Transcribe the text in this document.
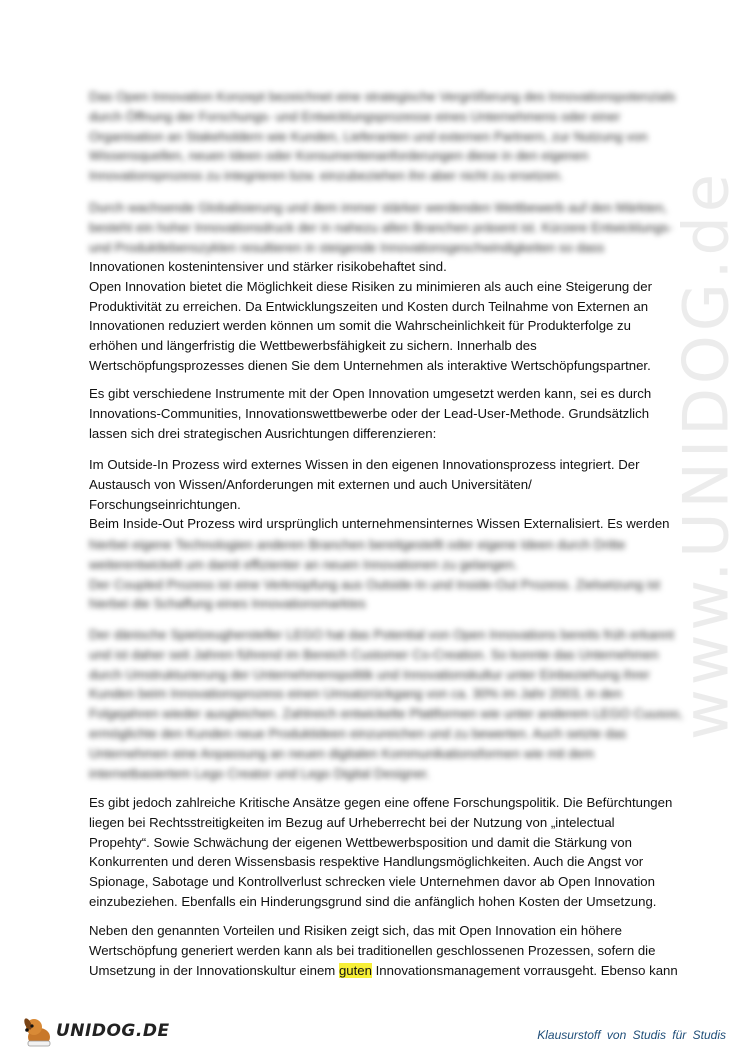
www.UNIDOG.de
Das Open Innovation Konzept bezeichnet eine strategische Vergrößerung des Innovationspotenzials
durch Öffnung der Forschungs- und Entwicklungsprozesse eines Unternehmens oder einer
Organisation an Stakeholdern wie Kunden, Lieferanten und externen Partnern, zur Nutzung von
Wissensquellen, neuen Ideen oder Konsumentenanforderungen diese in den eigenen
Innovationsprozess zu integrieren bzw. einzubeziehen ihn aber nicht zu ersetzen.
Durch wachsende Globalisierung und dem immer stärker werdenden Wettbewerb auf den Märkten,
besteht ein hoher Innovationsdruck der in nahezu allen Branchen präsent ist. Kürzere Entwicklungs-
und Produktlebenszyklen resultieren in steigende Innovationsgeschwindigkeiten so dass
Innovationen kostenintensiver und stärker risikobehaftet sind.
Open Innovation bietet die Möglichkeit diese Risiken zu minimieren als auch eine Steigerung der
Produktivität zu erreichen. Da Entwicklungszeiten und Kosten durch Teilnahme von Externen an
Innovationen reduziert werden können um somit die Wahrscheinlichkeit für Produkterfolge zu
erhöhen und längerfristig die Wettbewerbsfähigkeit zu sichern. Innerhalb des
Wertschöpfungsprozesses dienen Sie dem Unternehmen als interaktive Wertschöpfungspartner.
Es gibt verschiedene Instrumente mit der Open Innovation umgesetzt werden kann, sei es durch
Innovations-Communities, Innovationswettbewerbe oder der Lead-User-Methode. Grundsätzlich
lassen sich drei strategischen Ausrichtungen differenzieren:
Im Outside-In Prozess wird externes Wissen in den eigenen Innovationsprozess integriert. Der
Austausch von Wissen/Anforderungen mit externen und auch Universitäten/
Forschungseinrichtungen.
Beim Inside-Out Prozess wird ursprünglich unternehmensinternes Wissen Externalisiert. Es werden
hierbei eigene Technologien anderen Branchen bereitgestellt oder eigene Ideen durch Dritte
weiterentwickelt um damit effizienter an neuen Innovationen zu gelangen.
Der Coupled Prozess ist eine Verknüpfung aus Outside-In und Inside-Out Prozess. Zielsetzung ist
hierbei die Schaffung eines Innovationsmarktes
Der dänische Spielzeughersteller LEGO hat das Potential von Open Innovations bereits früh erkannt
und ist daher seit Jahren führend im Bereich Customer Co-Creation. So konnte das Unternehmen
durch Umstrukturierung der Unternehmenspolitik und Innovationskultur unter Einbeziehung ihrer
Kunden beim Innovationsprozess einen Umsatzrückgang von ca. 30% im Jahr 2003, in den
Folgejahren wieder ausgleichen. Zahlreich entwickelte Plattformen wie unter anderem LEGO Cuusoo,
ermöglichte den Kunden neue Produktideen einzureichen und zu bewerten. Auch setzte das
Unternehmen eine Anpassung an neuen digitalen Kommunikationsformen wie mit dem
internetbasiertem Lego Creator und Lego Digital Designer.
Es gibt jedoch zahlreiche Kritische Ansätze gegen eine offene Forschungspolitik. Die Befürchtungen
liegen bei Rechtsstreitigkeiten im Bezug auf Urheberrecht bei der Nutzung von „intelectual
Propehty“. Sowie Schwächung der eigenen Wettbewerbsposition und damit die Stärkung von
Konkurrenten und deren Wissensbasis respektive Handlungsmöglichkeiten. Auch die Angst vor
Spionage, Sabotage und Kontrollverlust schrecken viele Unternehmen davor ab Open Innovation
einzubeziehen. Ebenfalls ein Hinderungsgrund sind die anfänglich hohen Kosten der Umsetzung.
Neben den genannten Vorteilen und Risiken zeigt sich, das mit Open Innovation ein höhere
Wertschöpfung generiert werden kann als bei traditionellen geschlossenen Prozessen, sofern die
Umsetzung in der Innovationskultur einem guten Innovationsmanagement vorrausgeht. Ebenso kann
UNIDOG.DE	Klausurstoff von Studis für Studis
